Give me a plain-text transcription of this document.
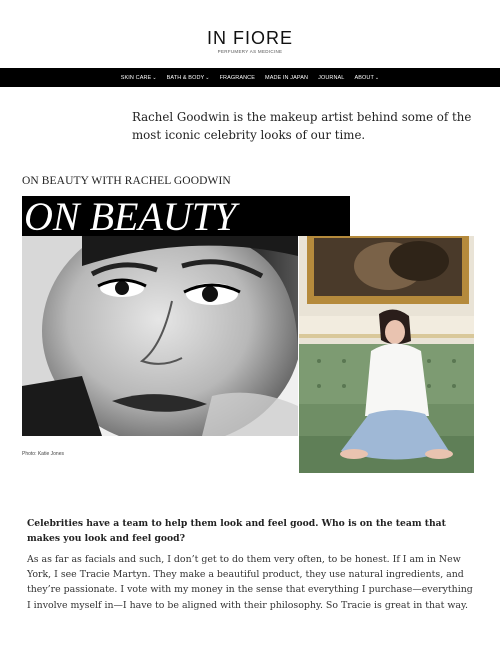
IN FIORE
PERFUMERY AS MEDICINE
SKIN CARE⌄ BATH & BODY⌄ FRAGRANCE MADE IN JAPAN JOURNAL ABOUT⌄

Rachel Goodwin is the makeup artist behind some of the most iconic celebrity looks of our time.

ON BEAUTY WITH RACHEL GOODWIN
ON BEAUTY
Photo: Katie Jones

Celebrities have a team to help them look and feel good. Who is on the team that makes you look and feel good?

As as far as facials and such, I don’t get to do them very often, to be honest. If I am in New York, I see Tracie Martyn. They make a beautiful product, they use natural ingredients, and they’re passionate. I vote with my money in the sense that everything I purchase—everything I involve myself in—I have to be aligned with their philosophy. So Tracie is great in that way.
